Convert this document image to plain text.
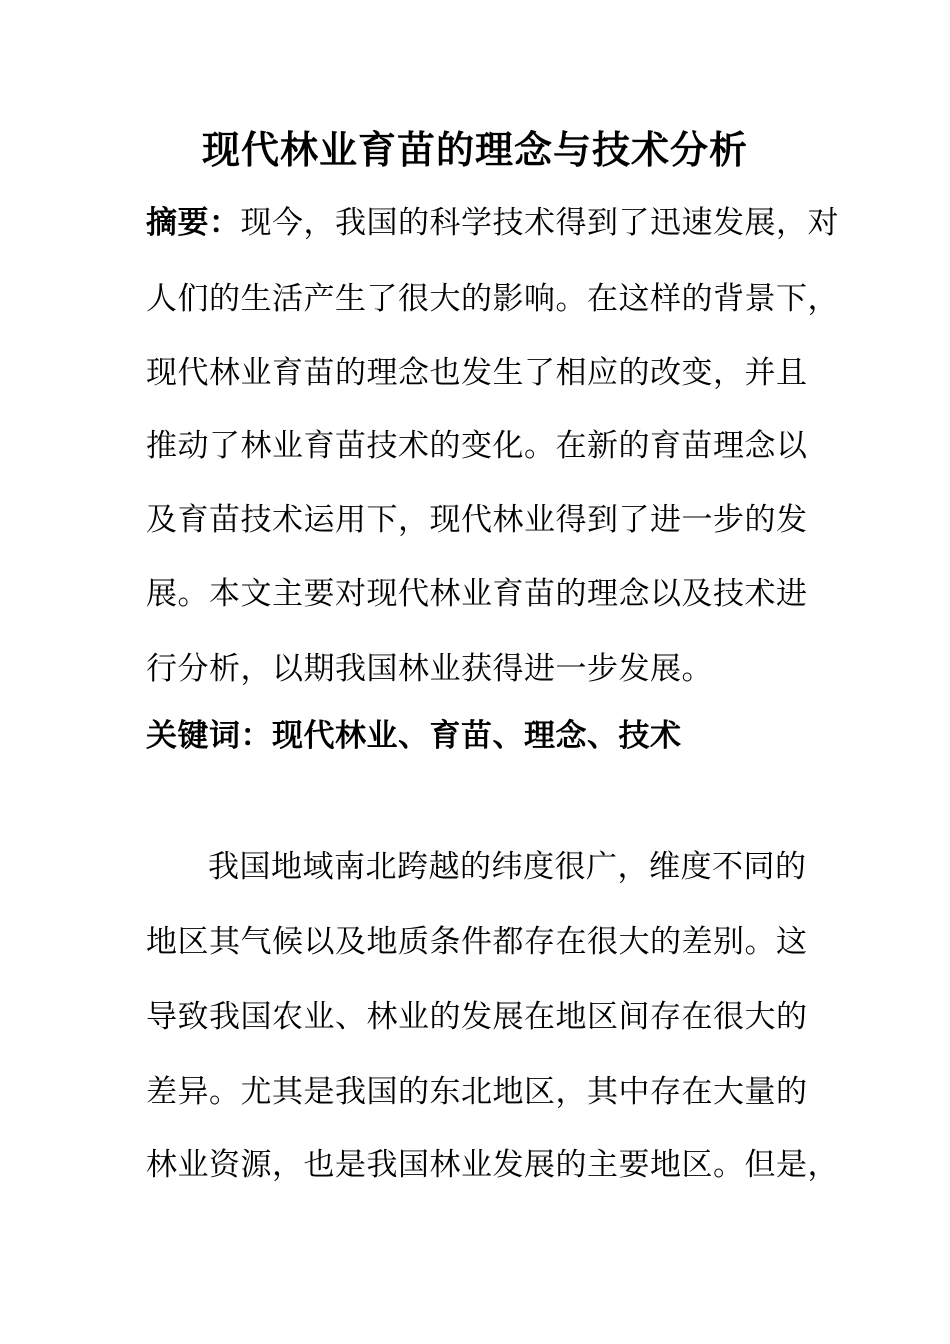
现代林业育苗的理念与技术分析
摘要：现今，我国的科学技术得到了迅速发展，对
人们的生活产生了很大的影响。在这样的背景下，
现代林业育苗的理念也发生了相应的改变，并且
推动了林业育苗技术的变化。在新的育苗理念以
及育苗技术运用下，现代林业得到了进一步的发
展。本文主要对现代林业育苗的理念以及技术进
行分析，以期我国林业获得进一步发展。
关键词：现代林业、育苗、理念、技术
我国地域南北跨越的纬度很广，维度不同的
地区其气候以及地质条件都存在很大的差别。这
导致我国农业、林业的发展在地区间存在很大的
差异。尤其是我国的东北地区，其中存在大量的
林业资源，也是我国林业发展的主要地区。但是，
